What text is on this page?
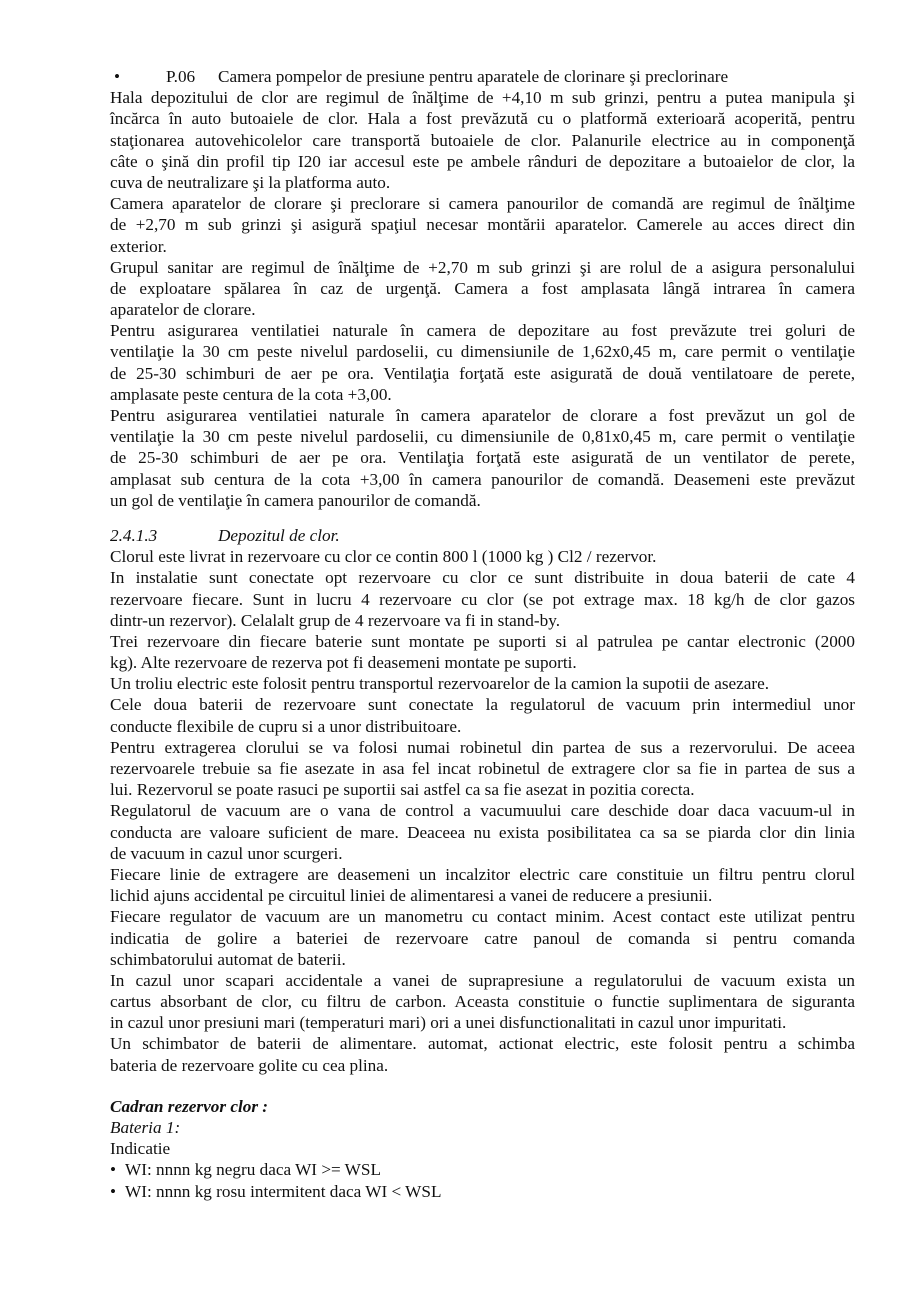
•	P.06	Camera pompelor de presiune pentru aparatele de clorinare şi preclorinare
Hala depozitului de clor are regimul de înălţime de +4,10 m sub grinzi, pentru a putea manipula şi
încărca în auto butoaiele de clor. Hala a fost prevăzută cu o platformă exterioară acoperită, pentru
staţionarea autovehicolelor care transportă butoaiele de clor. Palanurile electrice au in componenţă
câte o şină din profil tip I20 iar accesul este pe ambele rânduri de depozitare a butoaielor de clor, la
cuva de neutralizare şi la platforma auto.
Camera aparatelor de clorare şi preclorare si camera panourilor de comandă are regimul de înălţime
de +2,70 m sub grinzi şi asigură spaţiul necesar montării aparatelor. Camerele au acces direct din
exterior.
Grupul sanitar are regimul de înălţime de +2,70 m sub grinzi şi are rolul de a asigura personalului
de exploatare spălarea în caz de urgenţă. Camera a fost amplasata lângă intrarea în camera
aparatelor de clorare.
Pentru asigurarea ventilatiei naturale în camera de depozitare au fost prevăzute trei goluri de
ventilaţie la 30 cm peste nivelul pardoselii, cu dimensiunile de 1,62x0,45 m, care permit o ventilaţie
de 25-30 schimburi de aer pe ora. Ventilaţia forţată este asigurată de două ventilatoare de perete,
amplasate peste centura de la cota +3,00.
Pentru asigurarea ventilatiei naturale în camera aparatelor de clorare a fost prevăzut un gol de
ventilaţie la 30 cm peste nivelul pardoselii, cu dimensiunile de 0,81x0,45 m, care permit o ventilaţie
de 25-30 schimburi de aer pe ora. Ventilaţia forţată este asigurată de un ventilator de perete,
amplasat sub centura de la cota +3,00 în camera panourilor de comandă. Deasemeni este prevăzut
un gol de ventilaţie în camera panourilor de comandă.
2.4.1.3	Depozitul de clor.
Clorul este livrat in rezervoare cu clor ce contin 800 l (1000 kg ) Cl2 / rezervor.
In instalatie sunt conectate opt rezervoare cu clor ce sunt distribuite in doua baterii de cate 4
rezervoare fiecare. Sunt in lucru 4 rezervoare cu clor (se pot extrage max. 18 kg/h de clor gazos
dintr-un rezervor). Celalalt grup de 4 rezervoare va fi in stand-by.
Trei rezervoare din fiecare baterie sunt montate pe suporti si al patrulea pe cantar electronic (2000
kg). Alte rezervoare de rezerva pot fi deasemeni montate pe suporti.
Un troliu electric este folosit pentru transportul rezervoarelor de la camion la supotii de asezare.
Cele doua baterii de rezervoare sunt conectate la regulatorul de vacuum prin intermediul unor
conducte flexibile de cupru si a unor distribuitoare.
Pentru extragerea clorului se va folosi numai robinetul din partea de sus a rezervorului. De aceea
rezervoarele trebuie sa fie asezate in asa fel incat robinetul de extragere clor sa fie in partea de sus a
lui. Rezervorul se poate rasuci pe suportii sai astfel ca sa fie asezat in pozitia corecta.
Regulatorul de vacuum are o vana de control a vacumuului care deschide doar daca vacuum-ul in
conducta are valoare suficient de mare. Deaceea nu exista posibilitatea ca sa se piarda clor din linia
de vacuum in cazul unor scurgeri.
Fiecare linie de extragere are deasemeni un incalzitor electric care constituie un filtru pentru clorul
lichid ajuns accidental pe circuitul liniei de alimentaresi a vanei de reducere a presiunii.
Fiecare regulator de vacuum are un manometru cu contact minim. Acest contact este utilizat pentru
indicatia de golire a bateriei de rezervoare catre panoul de comanda si pentru comanda
schimbatorului automat de baterii.
In cazul unor scapari accidentale a vanei de suprapresiune a regulatorului de vacuum exista un
cartus absorbant de clor, cu filtru de carbon. Aceasta constituie o functie suplimentara de siguranta
in cazul unor presiuni mari (temperaturi mari) ori a unei disfunctionalitati in cazul unor impuritati.
Un schimbator de baterii de alimentare. automat, actionat electric, este folosit pentru a schimba
bateria de rezervoare golite cu cea plina.
Cadran rezervor clor :
Bateria 1:
Indicatie
• WI: nnnn kg negru daca WI >= WSL
• WI: nnnn kg rosu intermitent daca WI < WSL
